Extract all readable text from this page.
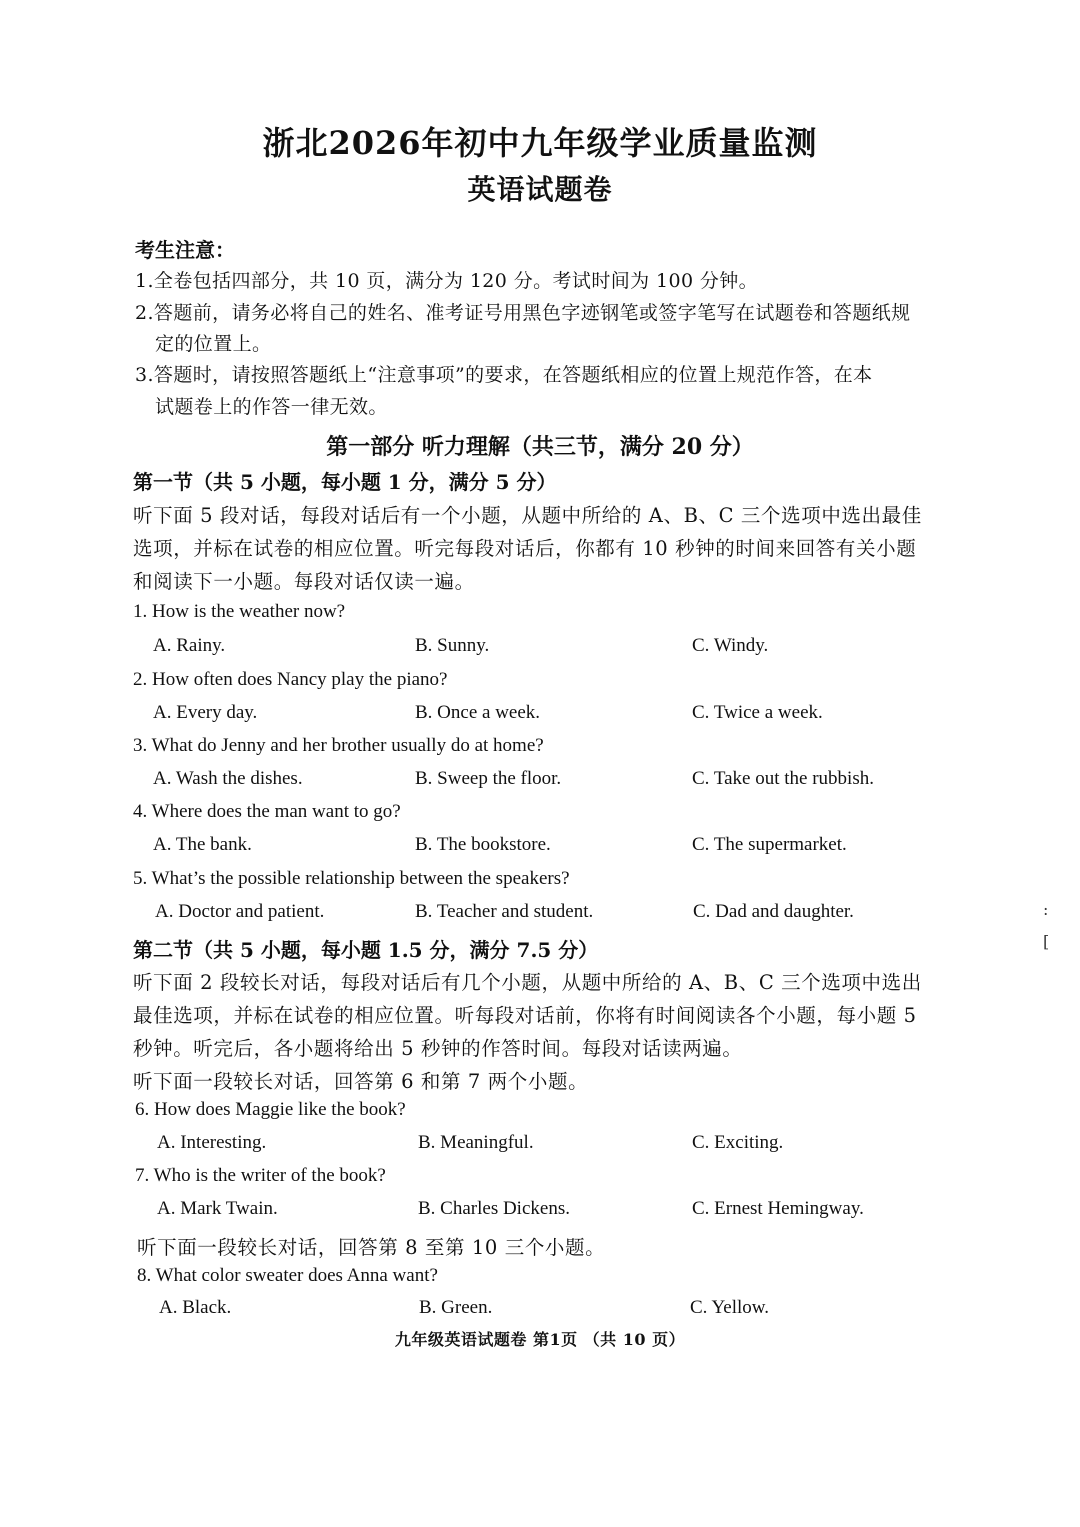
浙北2026年初中九年级学业质量监测
英语试题卷
考生注意：
1.全卷包括四部分，共 10 页，满分为 120 分。考试时间为 100 分钟。
2.答题前，请务必将自己的姓名、准考证号用黑色字迹钢笔或签字笔写在试题卷和答题纸规
定的位置上。
3.答题时，请按照答题纸上“注意事项”的要求，在答题纸相应的位置上规范作答，在本
试题卷上的作答一律无效。
第一部分 听力理解（共三节，满分 20 分）
第一节（共 5 小题，每小题 1 分，满分 5 分）
听下面 5 段对话，每段对话后有一个小题，从题中所给的 A、B、C 三个选项中选出最佳
选项，并标在试卷的相应位置。听完每段对话后，你都有 10 秒钟的时间来回答有关小题
和阅读下一小题。每段对话仅读一遍。
1. How is the weather now?
A. Rainy.	B. Sunny.	C. Windy.
2. How often does Nancy play the piano?
A. Every day.	B. Once a week.	C. Twice a week.
3. What do Jenny and her brother usually do at home?
A. Wash the dishes.	B. Sweep the floor.	C. Take out the rubbish.
4. Where does the man want to go?
A. The bank.	B. The bookstore.	C. The supermarket.
5. What’s the possible relationship between the speakers?
A. Doctor and patient.	B. Teacher and student.	C. Dad and daughter.
第二节（共 5 小题，每小题 1.5 分，满分 7.5 分）
听下面 2 段较长对话，每段对话后有几个小题，从题中所给的 A、B、C 三个选项中选出
最佳选项，并标在试卷的相应位置。听每段对话前，你将有时间阅读各个小题，每小题 5
秒钟。听完后，各小题将给出 5 秒钟的作答时间。每段对话读两遍。
听下面一段较长对话，回答第 6 和第 7 两个小题。
6. How does Maggie like the book?
A. Interesting.	B. Meaningful.	C. Exciting.
7. Who is the writer of the book?
A. Mark Twain.	B. Charles Dickens.	C. Ernest Hemingway.
听下面一段较长对话，回答第 8 至第 10 三个小题。
8. What color sweater does Anna want?
A. Black.	B. Green.	C. Yellow.
九年级英语试题卷 第1页 （共 10 页）
:
[
